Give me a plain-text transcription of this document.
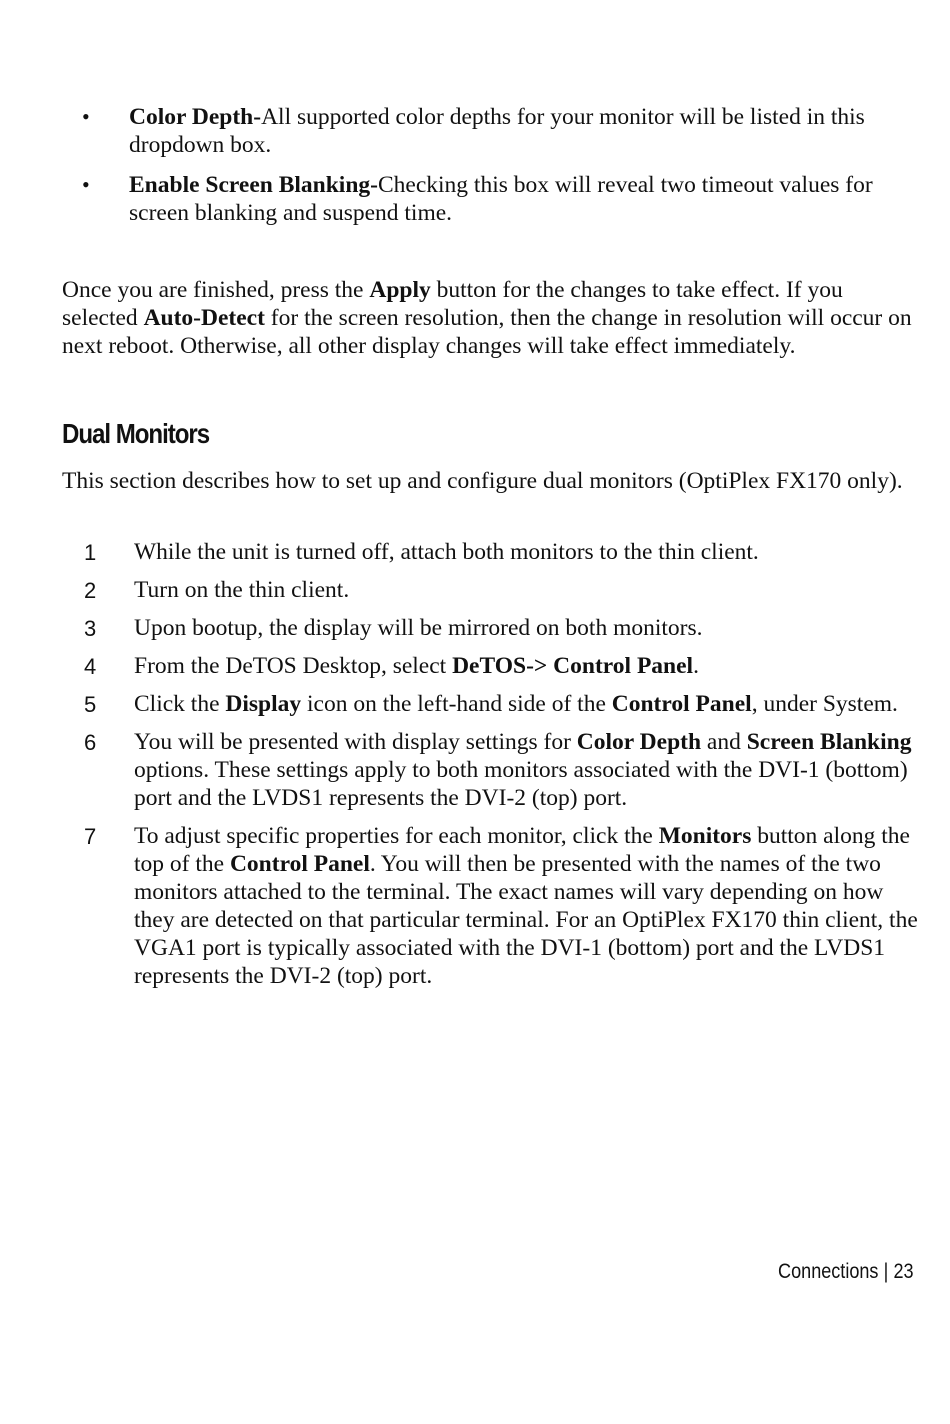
• Color Depth-All supported color depths for your monitor will be listed in this dropdown box.
• Enable Screen Blanking-Checking this box will reveal two timeout values for screen blanking and suspend time.

Once you are finished, press the Apply button for the changes to take effect. If you selected Auto-Detect for the screen resolution, then the change in resolution will occur on next reboot. Otherwise, all other display changes will take effect immediately.

Dual Monitors

This section describes how to set up and configure dual monitors (OptiPlex FX170 only).

1 While the unit is turned off, attach both monitors to the thin client.
2 Turn on the thin client.
3 Upon bootup, the display will be mirrored on both monitors.
4 From the DeTOS Desktop, select DeTOS-> Control Panel.
5 Click the Display icon on the left-hand side of the Control Panel, under System.
6 You will be presented with display settings for Color Depth and Screen Blanking options. These settings apply to both monitors associated with the DVI-1 (bottom) port and the LVDS1 represents the DVI-2 (top) port.
7 To adjust specific properties for each monitor, click the Monitors button along the top of the Control Panel. You will then be presented with the names of the two monitors attached to the terminal. The exact names will vary depending on how they are detected on that particular terminal. For an OptiPlex FX170 thin client, the VGA1 port is typically associated with the DVI-1 (bottom) port and the LVDS1 represents the DVI-2 (top) port.
Connections | 23
